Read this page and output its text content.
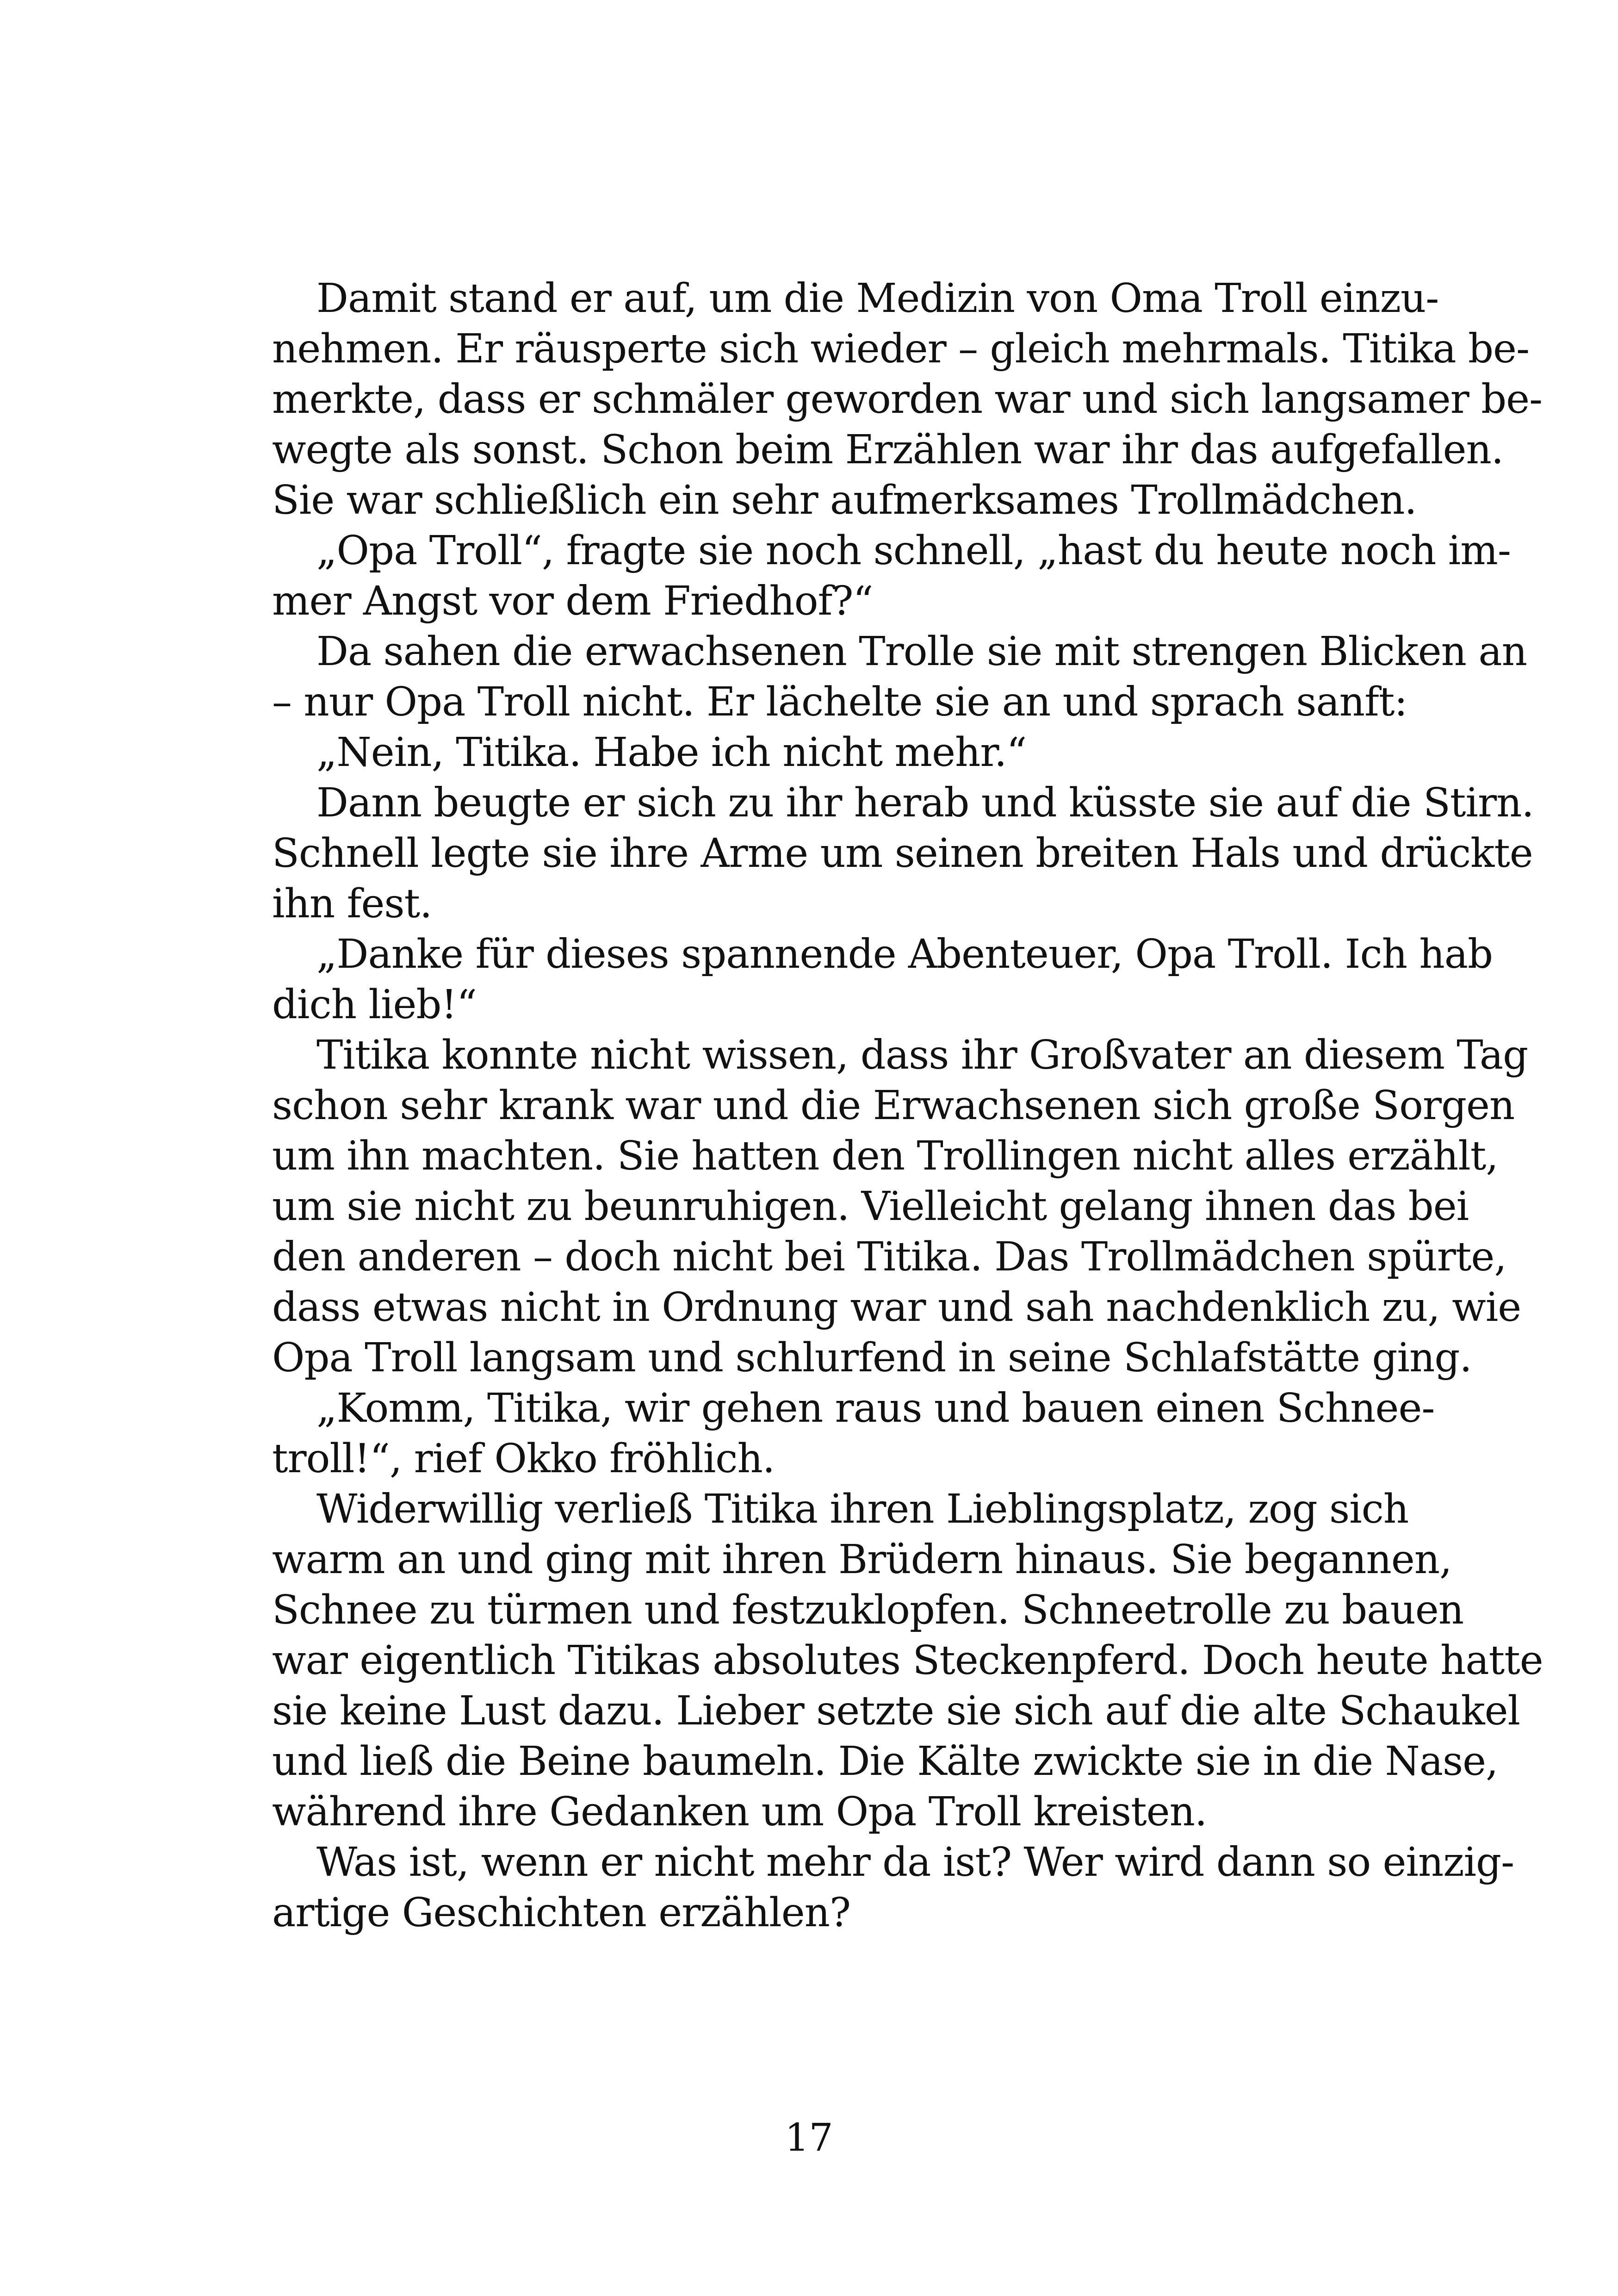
Damit stand er auf, um die Medizin von Oma Troll einzu-
nehmen. Er räusperte sich wieder – gleich mehrmals. Titika be-
merkte, dass er schmäler geworden war und sich langsamer be-
wegte als sonst. Schon beim Erzählen war ihr das aufgefallen.
Sie war schließlich ein sehr aufmerksames Trollmädchen.
„Opa Troll“, fragte sie noch schnell, „hast du heute noch im-
mer Angst vor dem Friedhof?“
Da sahen die erwachsenen Trolle sie mit strengen Blicken an
– nur Opa Troll nicht. Er lächelte sie an und sprach sanft:
„Nein, Titika. Habe ich nicht mehr.“
Dann beugte er sich zu ihr herab und küsste sie auf die Stirn.
Schnell legte sie ihre Arme um seinen breiten Hals und drückte
ihn fest.
„Danke für dieses spannende Abenteuer, Opa Troll. Ich hab
dich lieb!“
Titika konnte nicht wissen, dass ihr Großvater an diesem Tag
schon sehr krank war und die Erwachsenen sich große Sorgen
um ihn machten. Sie hatten den Trollingen nicht alles erzählt,
um sie nicht zu beunruhigen. Vielleicht gelang ihnen das bei
den anderen – doch nicht bei Titika. Das Trollmädchen spürte,
dass etwas nicht in Ordnung war und sah nachdenklich zu, wie
Opa Troll langsam und schlurfend in seine Schlafstätte ging.
„Komm, Titika, wir gehen raus und bauen einen Schnee-
troll!“, rief Okko fröhlich.
Widerwillig verließ Titika ihren Lieblingsplatz, zog sich
warm an und ging mit ihren Brüdern hinaus. Sie begannen,
Schnee zu türmen und festzuklopfen. Schneetrolle zu bauen
war eigentlich Titikas absolutes Steckenpferd. Doch heute hatte
sie keine Lust dazu. Lieber setzte sie sich auf die alte Schaukel
und ließ die Beine baumeln. Die Kälte zwickte sie in die Nase,
während ihre Gedanken um Opa Troll kreisten.
Was ist, wenn er nicht mehr da ist? Wer wird dann so einzig-
artige Geschichten erzählen?
17
